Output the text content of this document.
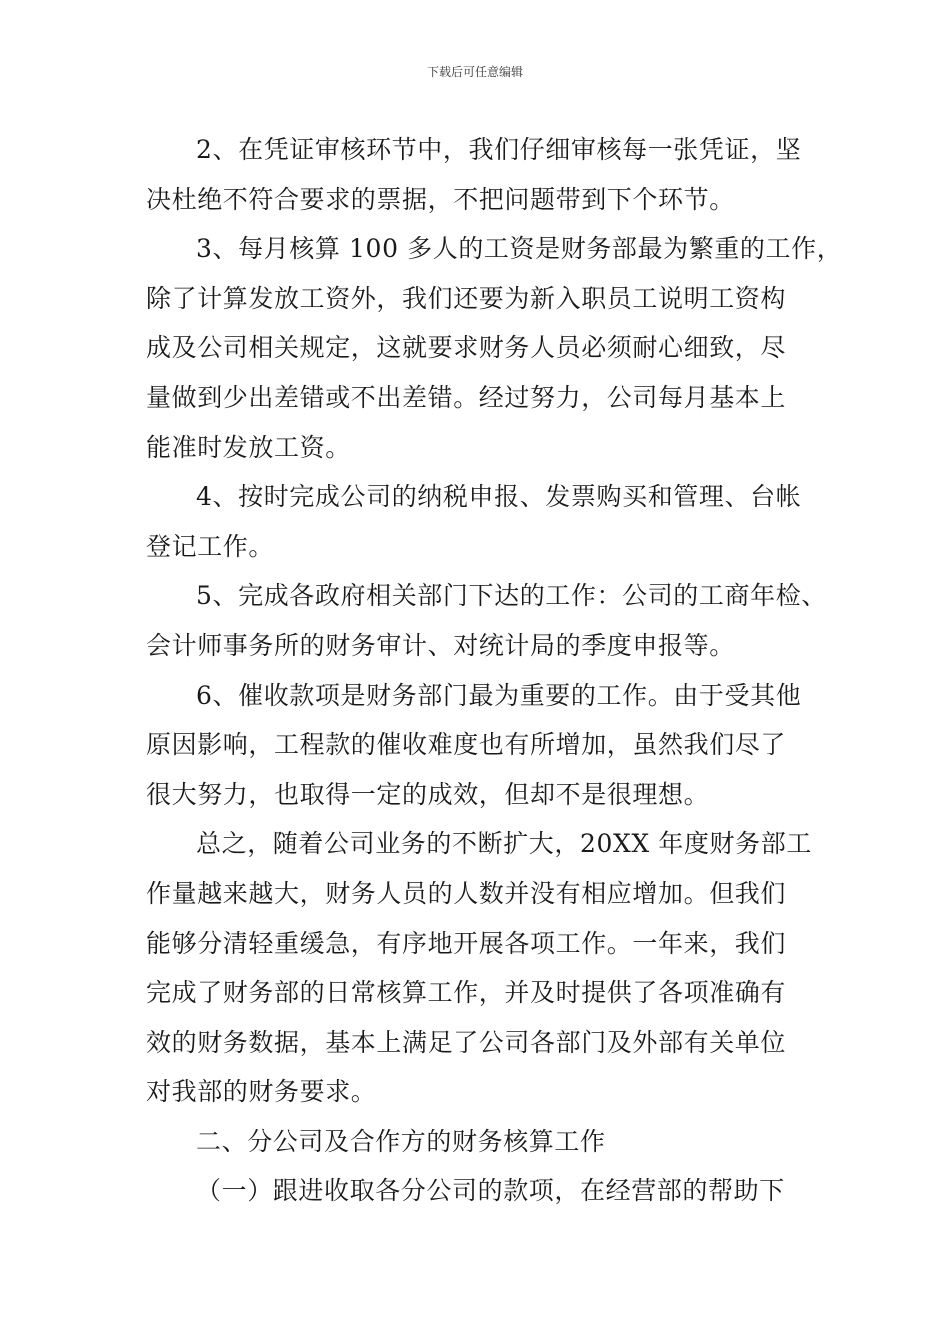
下载后可任意编辑
2、在凭证审核环节中，我们仔细审核每一张凭证，坚
决杜绝不符合要求的票据，不把问题带到下个环节。
3、每月核算 100 多人的工资是财务部最为繁重的工作，
除了计算发放工资外，我们还要为新入职员工说明工资构
成及公司相关规定，这就要求财务人员必须耐心细致，尽
量做到少出差错或不出差错。经过努力，公司每月基本上
能准时发放工资。
4、按时完成公司的纳税申报、发票购买和管理、台帐
登记工作。
5、完成各政府相关部门下达的工作：公司的工商年检、
会计师事务所的财务审计、对统计局的季度申报等。
6、催收款项是财务部门最为重要的工作。由于受其他
原因影响，工程款的催收难度也有所增加，虽然我们尽了
很大努力，也取得一定的成效，但却不是很理想。
总之，随着公司业务的不断扩大，20XX 年度财务部工
作量越来越大，财务人员的人数并没有相应增加。但我们
能够分清轻重缓急，有序地开展各项工作。一年来，我们
完成了财务部的日常核算工作，并及时提供了各项准确有
效的财务数据，基本上满足了公司各部门及外部有关单位
对我部的财务要求。
二、分公司及合作方的财务核算工作
（一）跟进收取各分公司的款项，在经营部的帮助下
